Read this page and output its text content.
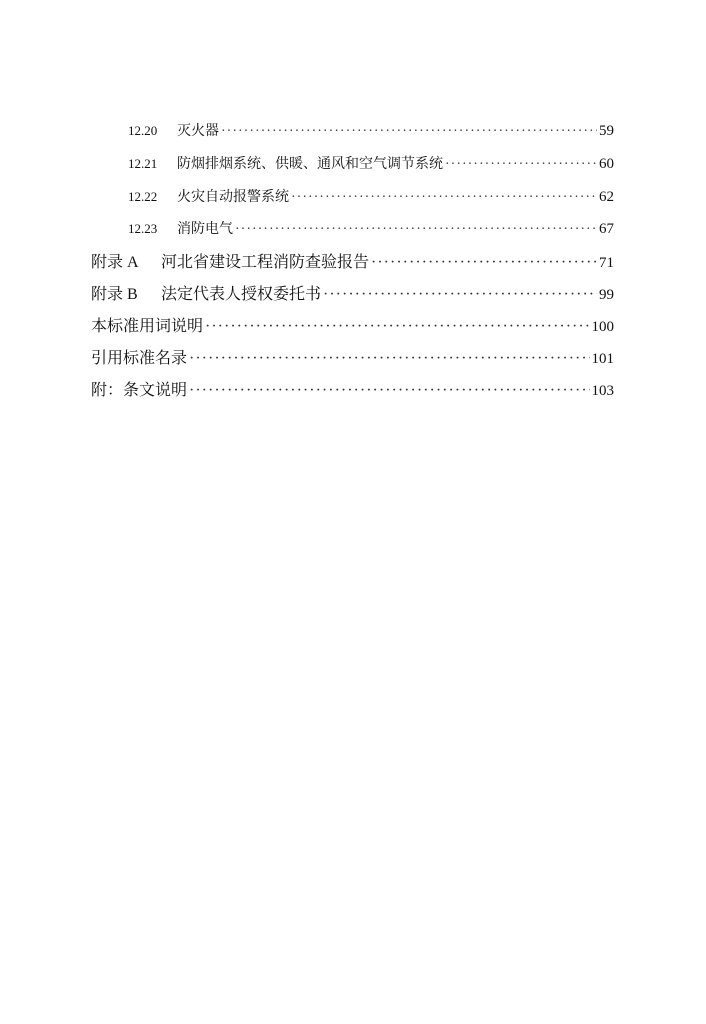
12.20	灭火器 ·····	59
12.21	防烟排烟系统、供暖、通风和空气调节系统 ·····	60
12.22	火灾自动报警系统 ·····	62
12.23	消防电气 ·····	67
附录 A	河北省建设工程消防查验报告 ·····	71
附录 B	法定代表人授权委托书 ·····	99
本标准用词说明 ·····	100
引用标准名录 ·····	101
附：条文说明 ·····	103
